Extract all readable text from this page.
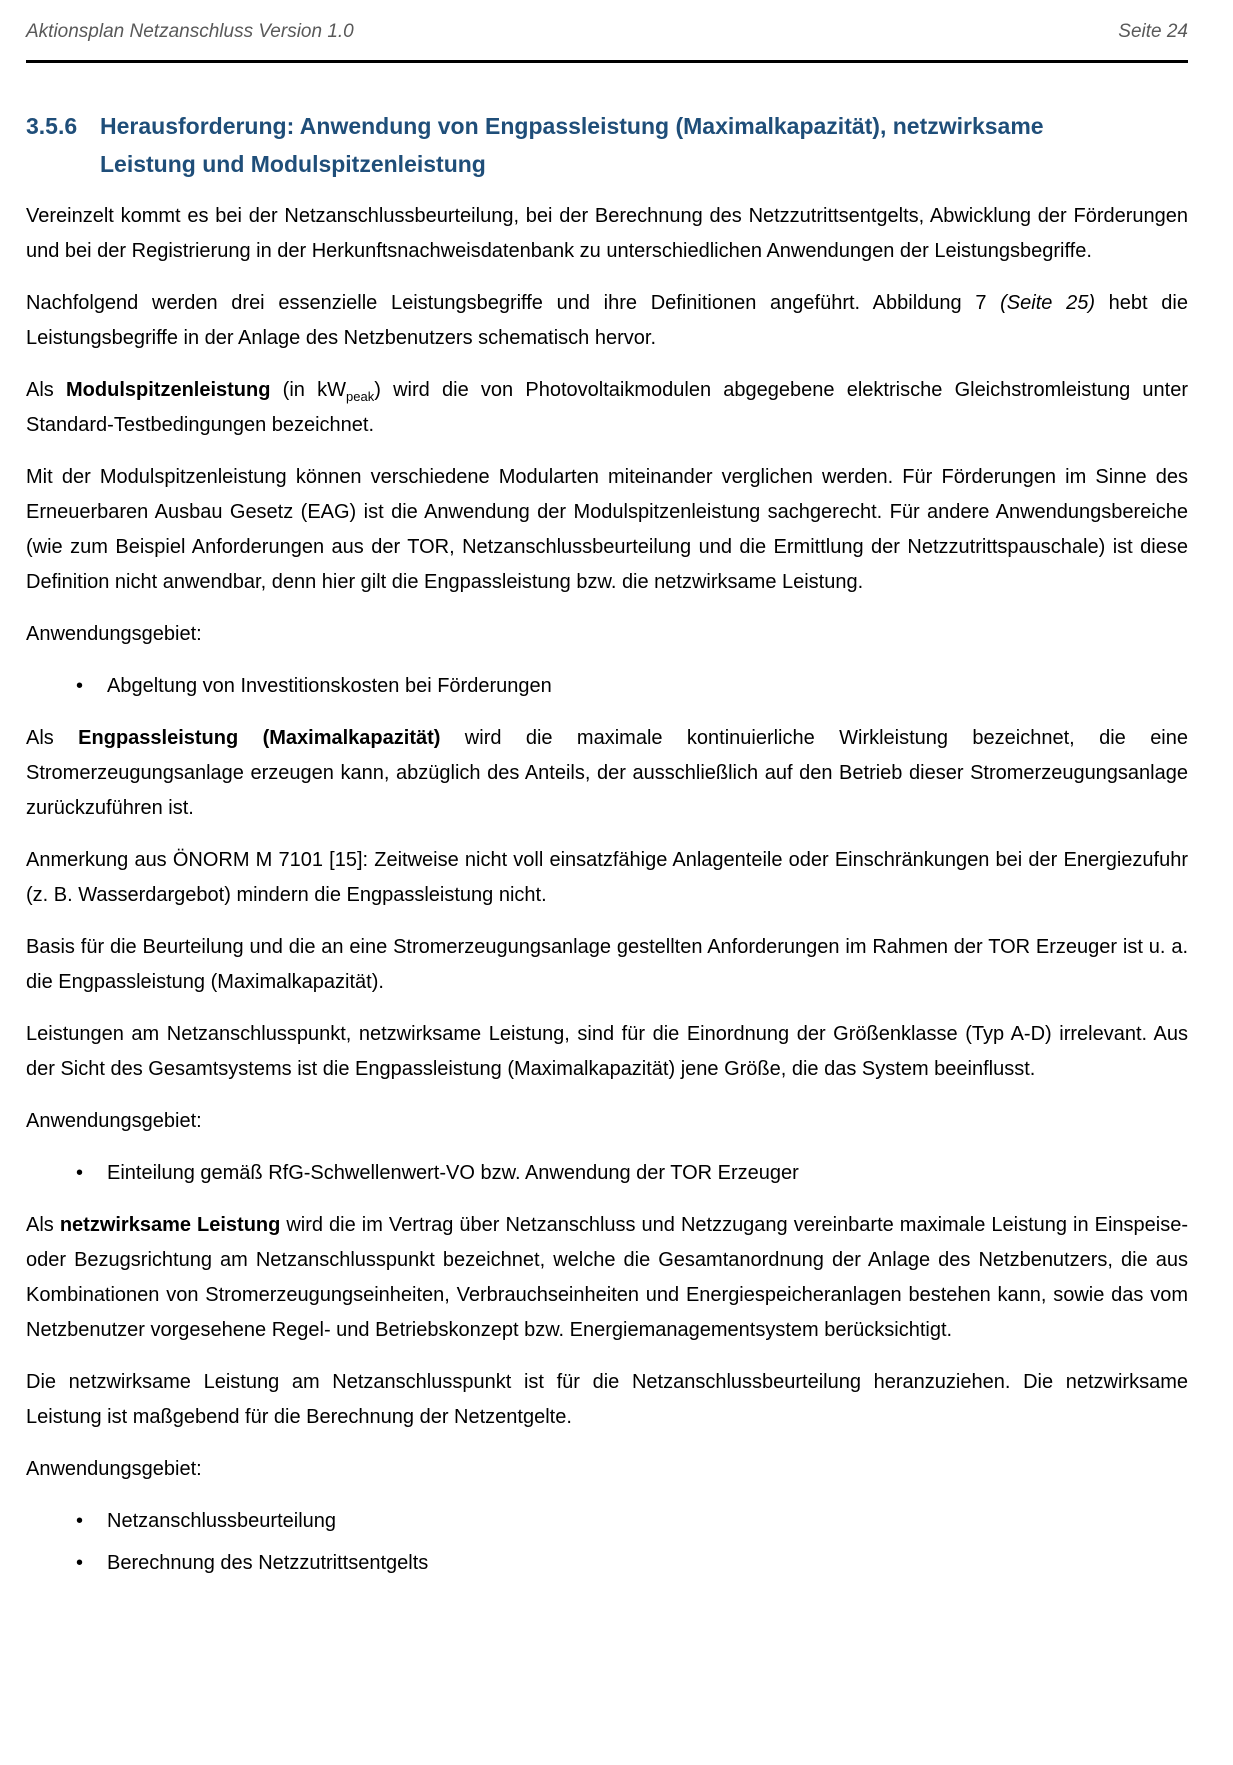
Aktionsplan Netzanschluss Version 1.0	Seite 24
3.5.6 Herausforderung: Anwendung von Engpassleistung (Maximalkapazität), netzwirksame Leistung und Modulspitzenleistung

Vereinzelt kommt es bei der Netzanschlussbeurteilung, bei der Berechnung des Netzzutrittsentgelts, Abwicklung der Förderungen und bei der Registrierung in der Herkunftsnachweisdatenbank zu unterschiedlichen Anwendungen der Leistungsbegriffe.

Nachfolgend werden drei essenzielle Leistungsbegriffe und ihre Definitionen angeführt. Abbildung 7 (Seite 25) hebt die Leistungsbegriffe in der Anlage des Netzbenutzers schematisch hervor.

Als Modulspitzenleistung (in $kW_{peak}$) wird die von Photovoltaikmodulen abgegebene elektrische Gleichstromleistung unter Standard-Testbedingungen bezeichnet.

Mit der Modulspitzenleistung können verschiedene Modularten miteinander verglichen werden. Für Förderungen im Sinne des Erneuerbaren Ausbau Gesetz (EAG) ist die Anwendung der Modulspitzenleistung sachgerecht. Für andere Anwendungsbereiche (wie zum Beispiel Anforderungen aus der TOR, Netzanschlussbeurteilung und die Ermittlung der Netzzutrittspauschale) ist diese Definition nicht anwendbar, denn hier gilt die Engpassleistung bzw. die netzwirksame Leistung.

Anwendungsgebiet:

•
Abgeltung von Investitionskosten bei Förderungen

Als Engpassleistung (Maximalkapazität) wird die maximale kontinuierliche Wirkleistung bezeichnet, die eine Stromerzeugungsanlage erzeugen kann, abzüglich des Anteils, der ausschließlich auf den Betrieb dieser Stromerzeugungsanlage zurückzuführen ist.

Anmerkung aus ÖNORM M 7101 [15]: Zeitweise nicht voll einsatzfähige Anlagenteile oder Einschränkungen bei der Energiezufuhr (z. B. Wasserdargebot) mindern die Engpassleistung nicht.

Basis für die Beurteilung und die an eine Stromerzeugungsanlage gestellten Anforderungen im Rahmen der TOR Erzeuger ist u. a. die Engpassleistung (Maximalkapazität).

Leistungen am Netzanschlusspunkt, netzwirksame Leistung, sind für die Einordnung der Größenklasse (Typ A-D) irrelevant. Aus der Sicht des Gesamtsystems ist die Engpassleistung (Maximalkapazität) jene Größe, die das System beeinflusst.

Anwendungsgebiet:

•
Einteilung gemäß RfG-Schwellenwert-VO bzw. Anwendung der TOR Erzeuger

Als netzwirksame Leistung wird die im Vertrag über Netzanschluss und Netzzugang vereinbarte maximale Leistung in Einspeise- oder Bezugsrichtung am Netzanschlusspunkt bezeichnet, welche die Gesamtanordnung der Anlage des Netzbenutzers, die aus Kombinationen von Stromerzeugungseinheiten, Verbrauchseinheiten und Energiespeicheranlagen bestehen kann, sowie das vom Netzbenutzer vorgesehene Regel- und Betriebskonzept bzw. Energiemanagementsystem berücksichtigt.

Die netzwirksame Leistung am Netzanschlusspunkt ist für die Netzanschlussbeurteilung heranzuziehen. Die netzwirksame Leistung ist maßgebend für die Berechnung der Netzentgelte.

Anwendungsgebiet:

•
Netzanschlussbeurteilung
•
Berechnung des Netzzutrittsentgelts
